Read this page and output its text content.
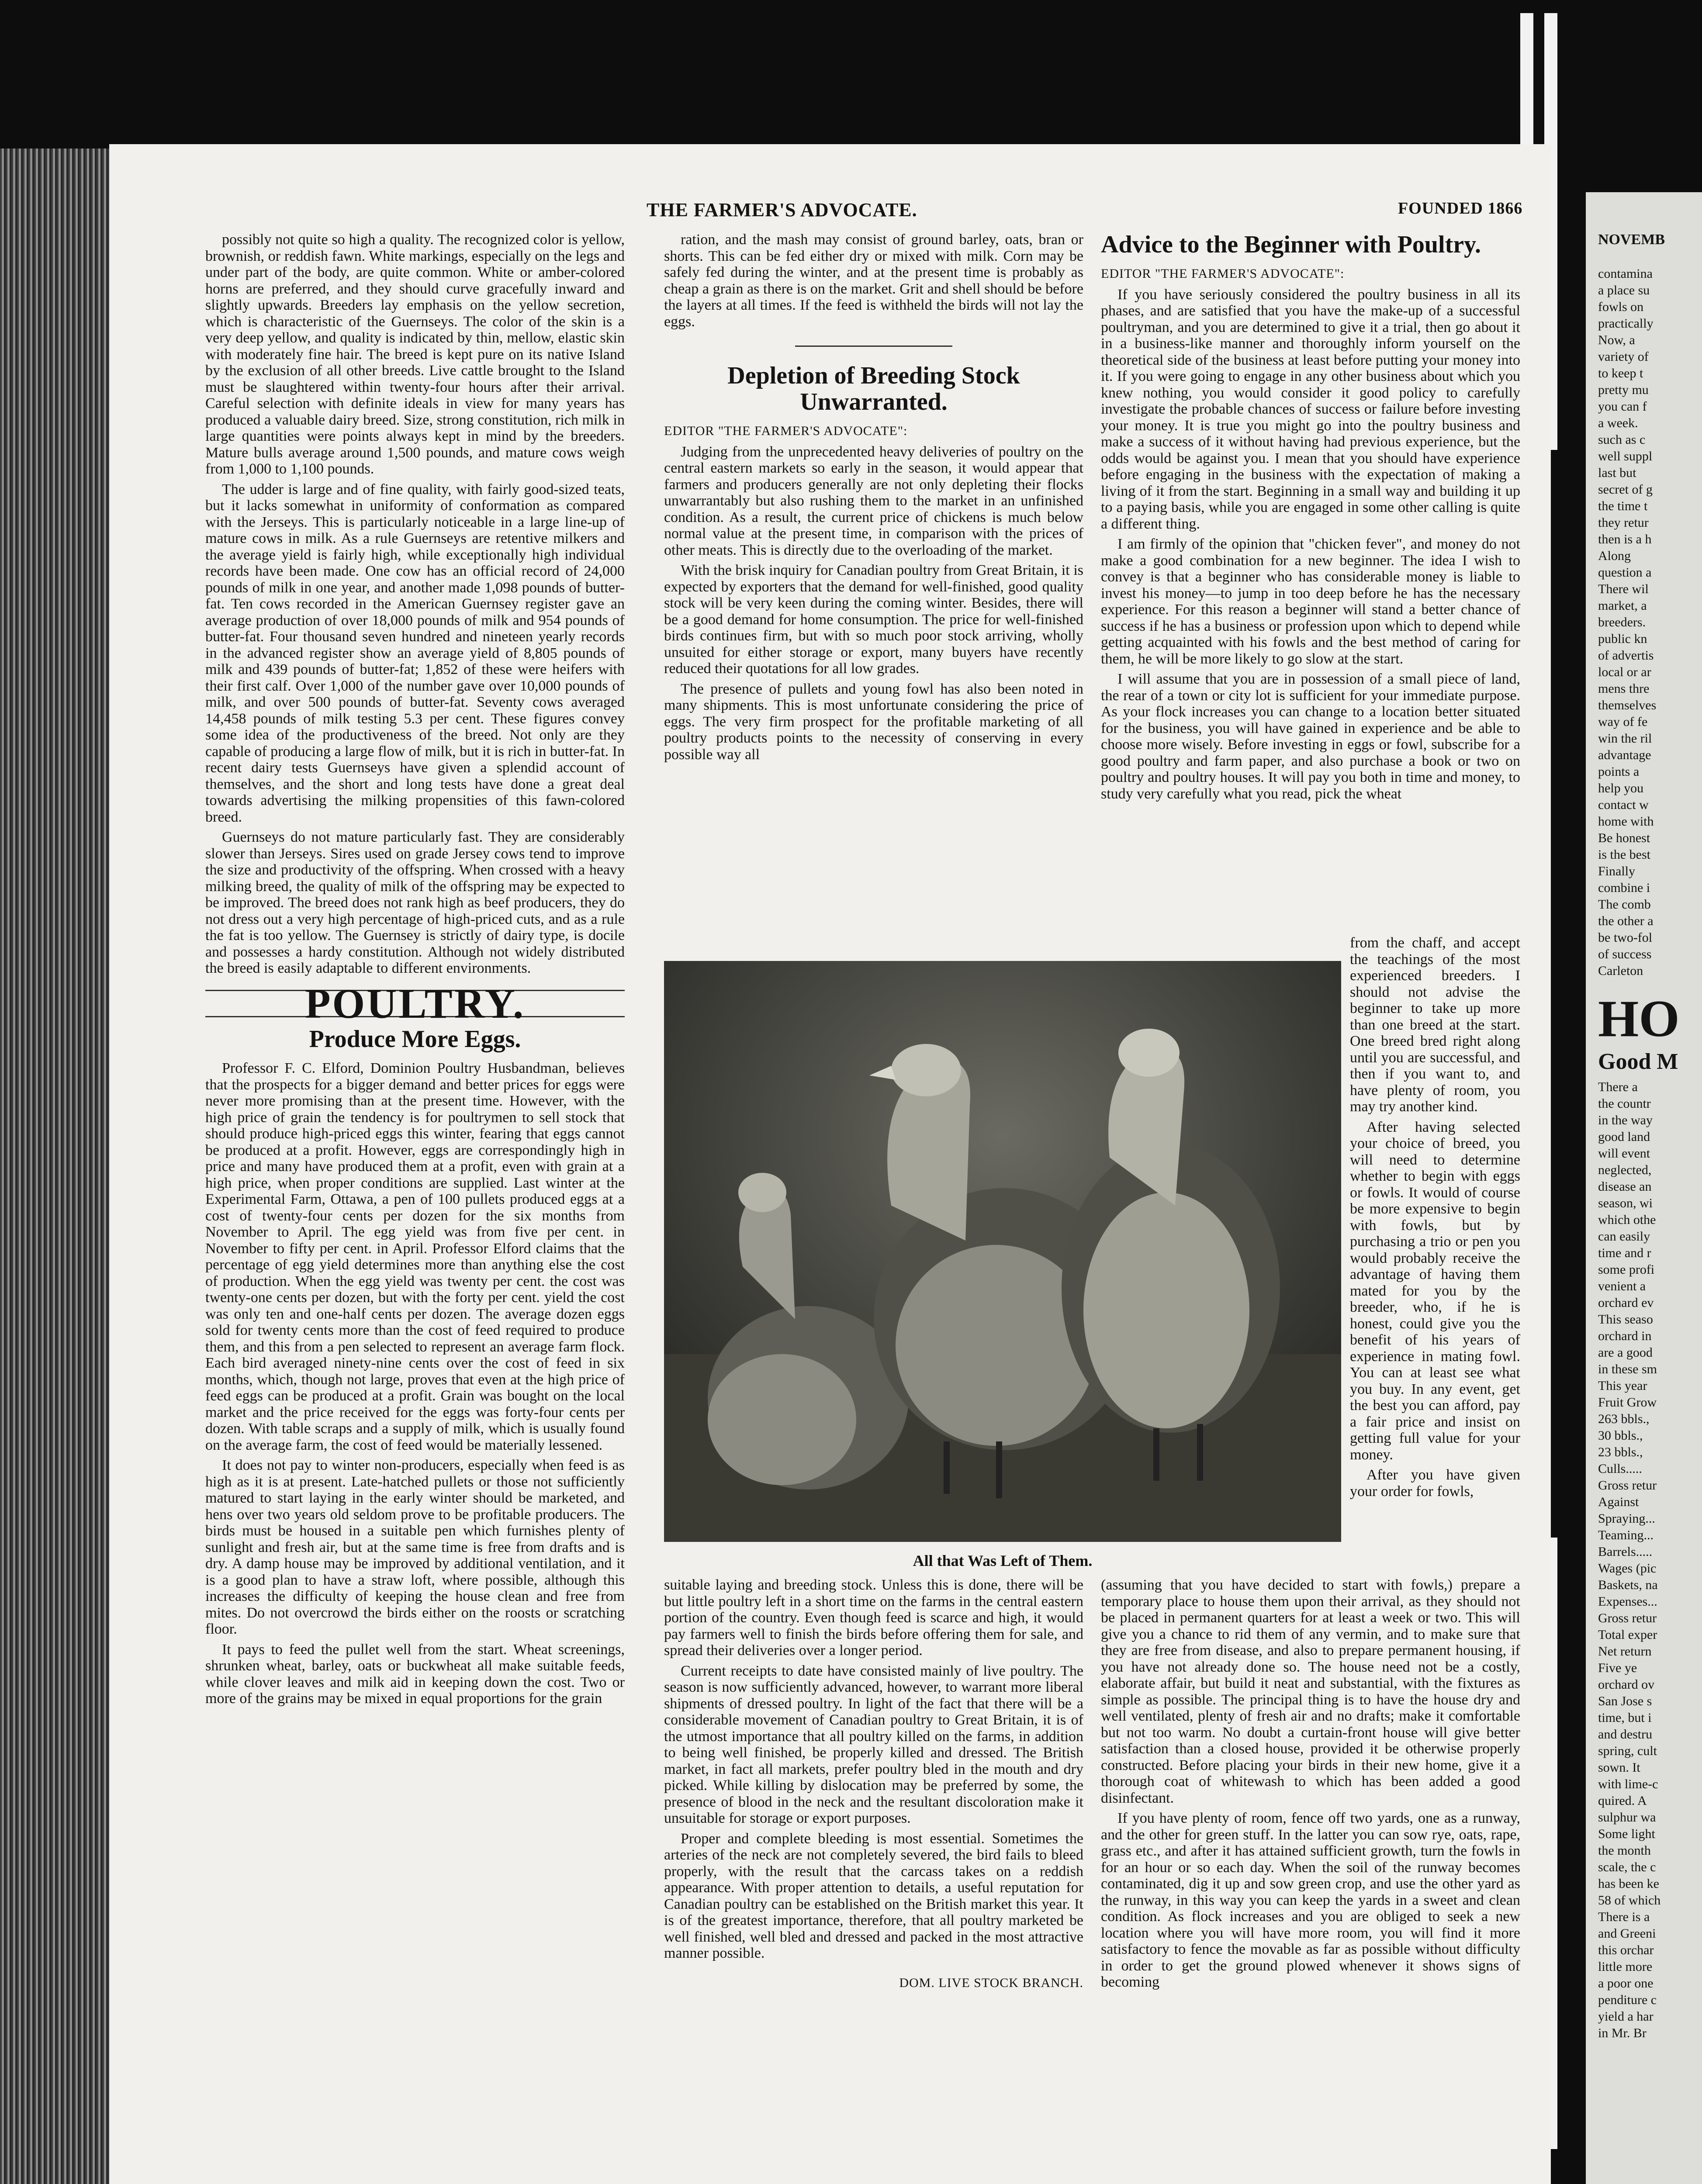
THE FARMER'S ADVOCATE.	FOUNDED 1866

possibly not quite so high a quality. The recognized color is yellow, brownish, or reddish fawn. White markings, especially on the legs and under part of the body, are quite common. White or amber-colored horns are preferred, and they should curve gracefully inward and slightly upwards. Breeders lay emphasis on the yellow secretion, which is characteristic of the Guernseys. The color of the skin is a very deep yellow, and quality is indicated by thin, mellow, elastic skin with moderately fine hair. The breed is kept pure on its native Island by the exclusion of all other breeds. Live cattle brought to the Island must be slaughtered within twenty-four hours after their arrival. Careful selection with definite ideals in view for many years has produced a valuable dairy breed. Size, strong constitution, rich milk in large quantities were points always kept in mind by the breeders. Mature bulls average around 1,500 pounds, and mature cows weigh from 1,000 to 1,100 pounds.

The udder is large and of fine quality, with fairly good-sized teats, but it lacks somewhat in uniformity of conformation as compared with the Jerseys. This is particularly noticeable in a large line-up of mature cows in milk. As a rule Guernseys are retentive milkers and the average yield is fairly high, while exceptionally high individual records have been made. One cow has an official record of 24,000 pounds of milk in one year, and another made 1,098 pounds of butter-fat. Ten cows recorded in the American Guernsey register gave an average production of over 18,000 pounds of milk and 954 pounds of butter-fat. Four thousand seven hundred and nineteen yearly records in the advanced register show an average yield of 8,805 pounds of milk and 439 pounds of butter-fat; 1,852 of these were heifers with their first calf. Over 1,000 of the number gave over 10,000 pounds of milk, and over 500 pounds of butter-fat. Seventy cows averaged 14,458 pounds of milk testing 5.3 per cent. These figures convey some idea of the productiveness of the breed. Not only are they capable of producing a large flow of milk, but it is rich in butter-fat. In recent dairy tests Guernseys have given a splendid account of themselves, and the short and long tests have done a great deal towards advertising the milking propensities of this fawn-colored breed.

Guernseys do not mature particularly fast. They are considerably slower than Jerseys. Sires used on grade Jersey cows tend to improve the size and productivity of the offspring. When crossed with a heavy milking breed, the quality of milk of the offspring may be expected to be improved. The breed does not rank high as beef producers, they do not dress out a very high percentage of high-priced cuts, and as a rule the fat is too yellow. The Guernsey is strictly of dairy type, is docile and possesses a hardy constitution. Although not widely distributed the breed is easily adaptable to different environments.

POULTRY.
Produce More Eggs.

Professor F. C. Elford, Dominion Poultry Husbandman, believes that the prospects for a bigger demand and better prices for eggs were never more promising than at the present time. However, with the high price of grain the tendency is for poultrymen to sell stock that should produce high-priced eggs this winter, fearing that eggs cannot be produced at a profit. However, eggs are correspondingly high in price and many have produced them at a profit, even with grain at a high price, when proper conditions are supplied. Last winter at the Experimental Farm, Ottawa, a pen of 100 pullets produced eggs at a cost of twenty-four cents per dozen for the six months from November to April. The egg yield was from five per cent. in November to fifty per cent. in April. Professor Elford claims that the percentage of egg yield determines more than anything else the cost of production. When the egg yield was twenty per cent. the cost was twenty-one cents per dozen, but with the forty per cent. yield the cost was only ten and one-half cents per dozen. The average dozen eggs sold for twenty cents more than the cost of feed required to produce them, and this from a pen selected to represent an average farm flock. Each bird averaged ninety-nine cents over the cost of feed in six months, which, though not large, proves that even at the high price of feed eggs can be produced at a profit. Grain was bought on the local market and the price received for the eggs was forty-four cents per dozen. With table scraps and a supply of milk, which is usually found on the average farm, the cost of feed would be materially lessened.

It does not pay to winter non-producers, especially when feed is as high as it is at present. Late-hatched pullets or those not sufficiently matured to start laying in the early winter should be marketed, and hens over two years old seldom prove to be profitable producers. The birds must be housed in a suitable pen which furnishes plenty of sunlight and fresh air, but at the same time is free from drafts and is dry. A damp house may be improved by additional ventilation, and it is a good plan to have a straw loft, where possible, although this increases the difficulty of keeping the house clean and free from mites. Do not overcrowd the birds either on the roosts or scratching floor.

It pays to feed the pullet well from the start. Wheat screenings, shrunken wheat, barley, oats or buckwheat all make suitable feeds, while clover leaves and milk aid in keeping down the cost. Two or more of the grains may be mixed in equal proportions for the grain

ration, and the mash may consist of ground barley, oats, bran or shorts. This can be fed either dry or mixed with milk. Corn may be safely fed during the winter, and at the present time is probably as cheap a grain as there is on the market. Grit and shell should be before the layers at all times. If the feed is withheld the birds will not lay the eggs.

Depletion of Breeding Stock Unwarranted.
EDITOR "THE FARMER'S ADVOCATE":

Judging from the unprecedented heavy deliveries of poultry on the central eastern markets so early in the season, it would appear that farmers and producers generally are not only depleting their flocks unwarrantably but also rushing them to the market in an unfinished condition. As a result, the current price of chickens is much below normal value at the present time, in comparison with the prices of other meats. This is directly due to the overloading of the market.

With the brisk inquiry for Canadian poultry from Great Britain, it is expected by exporters that the demand for well-finished, good quality stock will be very keen during the coming winter. Besides, there will be a good demand for home consumption. The price for well-finished birds continues firm, but with so much poor stock arriving, wholly unsuited for either storage or export, many buyers have recently reduced their quotations for all low grades.

The presence of pullets and young fowl has also been noted in many shipments. This is most unfortunate considering the price of eggs. The very firm prospect for the profitable marketing of all poultry products points to the necessity of conserving in every possible way all

Advice to the Beginner with Poultry.
EDITOR "THE FARMER'S ADVOCATE":

If you have seriously considered the poultry business in all its phases, and are satisfied that you have the make-up of a successful poultryman, and you are determined to give it a trial, then go about it in a business-like manner and thoroughly inform yourself on the theoretical side of the business at least before putting your money into it. If you were going to engage in any other business about which you knew nothing, you would consider it good policy to carefully investigate the probable chances of success or failure before investing your money. It is true you might go into the poultry business and make a success of it without having had previous experience, but the odds would be against you. I mean that you should have experience before engaging in the business with the expectation of making a living of it from the start. Beginning in a small way and building it up to a paying basis, while you are engaged in some other calling is quite a different thing.

I am firmly of the opinion that "chicken fever", and money do not make a good combination for a new beginner. The idea I wish to convey is that a beginner who has considerable money is liable to invest his money—to jump in too deep before he has the necessary experience. For this reason a beginner will stand a better chance of success if he has a business or profession upon which to depend while getting acquainted with his fowls and the best method of caring for them, he will be more likely to go slow at the start.

I will assume that you are in possession of a small piece of land, the rear of a town or city lot is sufficient for your immediate purpose. As your flock increases you can change to a location better situated for the business, you will have gained in experience and be able to choose more wisely. Before investing in eggs or fowl, subscribe for a good poultry and farm paper, and also purchase a book or two on poultry and poultry houses. It will pay you both in time and money, to study very carefully what you read, pick the wheat

All that Was Left of Them.

from the chaff, and accept the teachings of the most experienced breeders. I should not advise the beginner to take up more than one breed at the start. One breed bred right along until you are successful, and then if you want to, and have plenty of room, you may try another kind.

After having selected your choice of breed, you will need to determine whether to begin with eggs or fowls. It would of course be more expensive to begin with fowls, but by purchasing a trio or pen you would probably receive the advantage of having them mated for you by the breeder, who, if he is honest, could give you the benefit of his years of experience in mating fowl. You can at least see what you buy. In any event, get the best you can afford, pay a fair price and insist on getting full value for your money.

After you have given your order for fowls,

suitable laying and breeding stock. Unless this is done, there will be but little poultry left in a short time on the farms in the central eastern portion of the country. Even though feed is scarce and high, it would pay farmers well to finish the birds before offering them for sale, and spread their deliveries over a longer period.

Current receipts to date have consisted mainly of live poultry. The season is now sufficiently advanced, however, to warrant more liberal shipments of dressed poultry. In light of the fact that there will be a considerable movement of Canadian poultry to Great Britain, it is of the utmost importance that all poultry killed on the farms, in addition to being well finished, be properly killed and dressed. The British market, in fact all markets, prefer poultry bled in the mouth and dry picked. While killing by dislocation may be preferred by some, the presence of blood in the neck and the resultant discoloration make it unsuitable for storage or export purposes.

Proper and complete bleeding is most essential. Sometimes the arteries of the neck are not completely severed, the bird fails to bleed properly, with the result that the carcass takes on a reddish appearance. With proper attention to details, a useful reputation for Canadian poultry can be established on the British market this year. It is of the greatest importance, therefore, that all poultry marketed be well finished, well bled and dressed and packed in the most attractive manner possible.

DOM. LIVE STOCK BRANCH.

(assuming that you have decided to start with fowls,) prepare a temporary place to house them upon their arrival, as they should not be placed in permanent quarters for at least a week or two. This will give you a chance to rid them of any vermin, and to make sure that they are free from disease, and also to prepare permanent housing, if you have not already done so. The house need not be a costly, elaborate affair, but build it neat and substantial, with the fixtures as simple as possible. The principal thing is to have the house dry and well ventilated, plenty of fresh air and no drafts; make it comfortable but not too warm. No doubt a curtain-front house will give better satisfaction than a closed house, provided it be otherwise properly constructed. Before placing your birds in their new home, give it a thorough coat of whitewash to which has been added a good disinfectant.

If you have plenty of room, fence off two yards, one as a runway, and the other for green stuff. In the latter you can sow rye, oats, rape, grass etc., and after it has attained sufficient growth, turn the fowls in for an hour or so each day. When the soil of the runway becomes contaminated, dig it up and sow green crop, and use the other yard as the runway, in this way you can keep the yards in a sweet and clean condition. As flock increases and you are obliged to seek a new location where you will have more room, you will find it more satisfactory to fence the movable as far as possible without difficulty in order to get the ground plowed whenever it shows signs of becoming

NOVEMB
contamina
a place su
fowls on
practically
Now, a
variety of
to keep t
pretty mu
you can f
a week.
such as c
well suppl
last but
secret of g
the time t
they retur
then is a h
Along
question a
There wil
market, a
breeders.
public kn
of advertis
local or ar
mens thre
themselves
way of fe
win the ril
advantage
points a
help you
contact w
home with
Be honest
is the best
Finally
combine i
The comb
the other a
be two-fol
of success
Carleton
HO
Good M
There a
the countr
in the way
good land
will event
neglected,
disease an
season, wi
which othe
can easily
time and r
some profi
venient a
orchard ev
This seaso
orchard in
are a good
in these sm
This year
Fruit Grow
263 bbls.,
30 bbls.,
23 bbls.,
Culls.....
Gross retur
Against
Spraying...
Teaming...
Barrels.....
Wages (pic
Baskets, na
Expenses...
Gross retur
Total exper
Net return
Five ye
orchard ov
San Jose s
time, but i
and destru
spring, cult
sown. It
with lime-c
quired. A
sulphur wa
Some light
the month
scale, the c
has been ke
58 of which
There is a
and Greeni
this orchar
little more
a poor one
penditure c
yield a har
in Mr. Br
